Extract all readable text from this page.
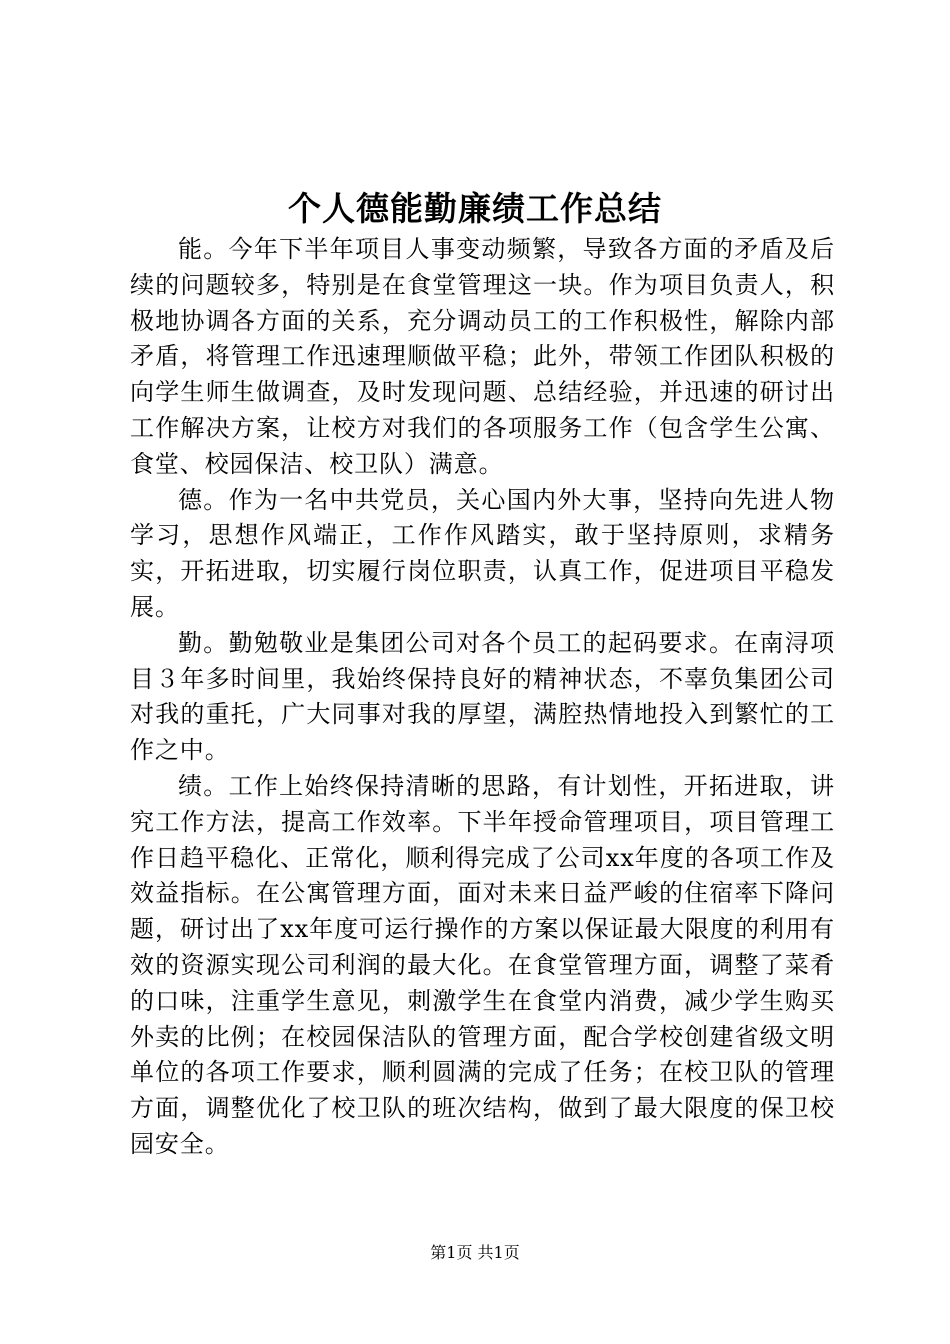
个人德能勤廉绩工作总结

能。今年下半年项目人事变动频繁，导致各方面的矛盾及后续的问题较多，特别是在食堂管理这一块。作为项目负责人，积极地协调各方面的关系，充分调动员工的工作积极性，解除内部矛盾，将管理工作迅速理顺做平稳；此外，带领工作团队积极的向学生师生做调查，及时发现问题、总结经验，并迅速的研讨出工作解决方案，让校方对我们的各项服务工作（包含学生公寓、食堂、校园保洁、校卫队）满意。

德。作为一名中共党员，关心国内外大事，坚持向先进人物学习，思想作风端正，工作作风踏实，敢于坚持原则，求精务实，开拓进取，切实履行岗位职责，认真工作，促进项目平稳发展。

勤。勤勉敬业是集团公司对各个员工的起码要求。在南浔项目３年多时间里，我始终保持良好的精神状态，不辜负集团公司对我的重托，广大同事对我的厚望，满腔热情地投入到繁忙的工作之中。

绩。工作上始终保持清晰的思路，有计划性，开拓进取，讲究工作方法，提高工作效率。下半年授命管理项目，项目管理工作日趋平稳化、正常化，顺利得完成了公司xx年度的各项工作及效益指标。在公寓管理方面，面对未来日益严峻的住宿率下降问题，研讨出了xx年度可运行操作的方案以保证最大限度的利用有效的资源实现公司利润的最大化。在食堂管理方面，调整了菜肴的口味，注重学生意见，刺激学生在食堂内消费，减少学生购买外卖的比例；在校园保洁队的管理方面，配合学校创建省级文明单位的各项工作要求，顺利圆满的完成了任务；在校卫队的管理方面，调整优化了校卫队的班次结构，做到了最大限度的保卫校园安全。

第1页 共1页
